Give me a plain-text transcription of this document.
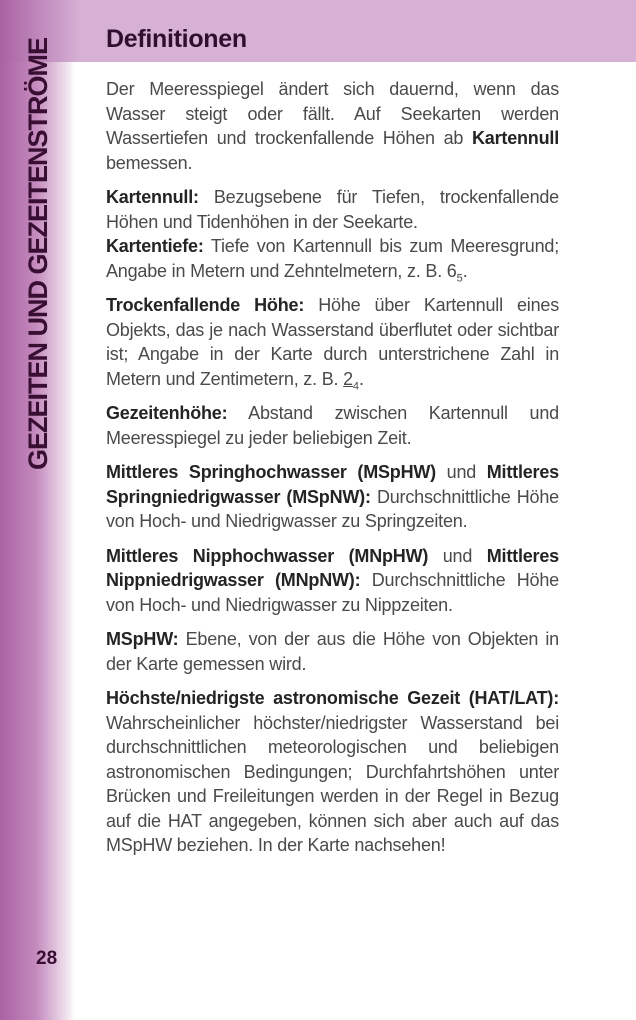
Definitionen
GEZEITEN UND GEZEITENSTRÖME
28

Der Meeresspiegel ändert sich dauernd, wenn das Wasser steigt oder fällt. Auf Seekarten werden Wassertiefen und trockenfallende Höhen ab Kartennull bemessen.

Kartennull: Bezugsebene für Tiefen, trockenfallende Höhen und Tidenhöhen in der Seekarte.
Kartentiefe: Tiefe von Kartennull bis zum Meeresgrund; Angabe in Metern und Zehntelmetern, z. B. $6_5$.

Trockenfallende Höhe: Höhe über Kartennull eines Objekts, das je nach Wasserstand überflutet oder sichtbar ist; Angabe in der Karte durch unterstrichene Zahl in Metern und Zentimetern, z. B. $2_4$.

Gezeitenhöhe: Abstand zwischen Kartennull und Meeresspiegel zu jeder beliebigen Zeit.

Mittleres Springhochwasser (MSpHW) und Mittleres Springniedrigwasser (MSpNW): Durchschnittliche Höhe von Hoch- und Niedrigwasser zu Springzeiten.

Mittleres Nipphochwasser (MNpHW) und Mittleres Nippniedrigwasser (MNpNW): Durchschnittliche Höhe von Hoch- und Niedrigwasser zu Nippzeiten.

MSpHW: Ebene, von der aus die Höhe von Objekten in der Karte gemessen wird.

Höchste/niedrigste astronomische Gezeit (HAT/LAT): Wahrscheinlicher höchster/niedrigster Wasserstand bei durchschnittlichen meteorologischen und beliebigen astronomischen Bedingungen; Durchfahrtshöhen unter Brücken und Freileitungen werden in der Regel in Bezug auf die HAT angegeben, können sich aber auch auf das MSpHW beziehen. In der Karte nachsehen!
